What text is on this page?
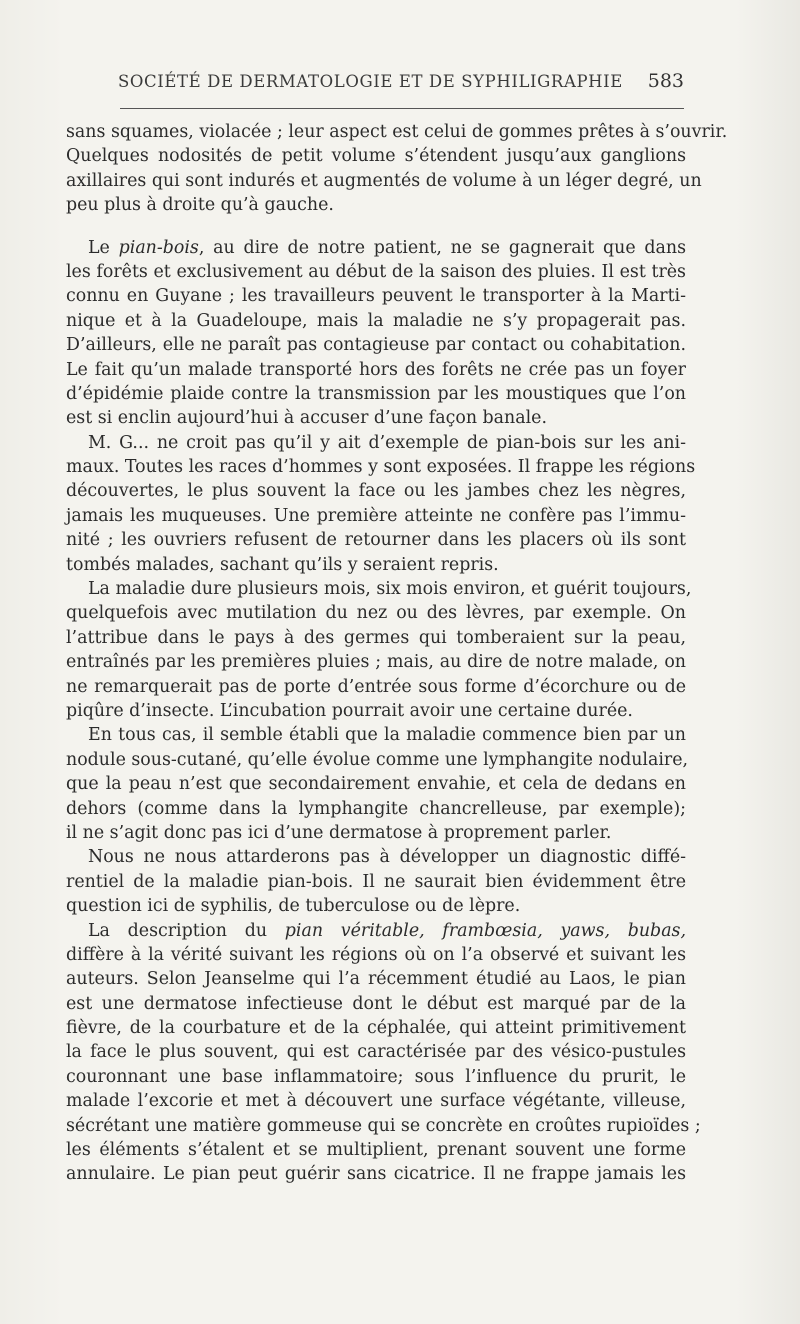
SOCIÉTÉ DE DERMATOLOGIE ET DE SYPHILIGRAPHIE 583
sans squames, violacée ; leur aspect est celui de gommes prêtes à s’ouvrir.
Quelques nodosités de petit volume s’étendent jusqu’aux ganglions
axillaires qui sont indurés et augmentés de volume à un léger degré, un
peu plus à droite qu’à gauche.
Le pian-bois, au dire de notre patient, ne se gagnerait que dans
les forêts et exclusivement au début de la saison des pluies. Il est très
connu en Guyane ; les travailleurs peuvent le transporter à la Marti-
nique et à la Guadeloupe, mais la maladie ne s’y propagerait pas.
D’ailleurs, elle ne paraît pas contagieuse par contact ou cohabitation.
Le fait qu’un malade transporté hors des forêts ne crée pas un foyer
d’épidémie plaide contre la transmission par les moustiques que l’on
est si enclin aujourd’hui à accuser d’une façon banale.
M. G... ne croit pas qu’il y ait d’exemple de pian-bois sur les ani-
maux. Toutes les races d’hommes y sont exposées. Il frappe les régions
découvertes, le plus souvent la face ou les jambes chez les nègres,
jamais les muqueuses. Une première atteinte ne confère pas l’immu-
nité ; les ouvriers refusent de retourner dans les placers où ils sont
tombés malades, sachant qu’ils y seraient repris.
La maladie dure plusieurs mois, six mois environ, et guérit toujours,
quelquefois avec mutilation du nez ou des lèvres, par exemple. On
l’attribue dans le pays à des germes qui tomberaient sur la peau,
entraînés par les premières pluies ; mais, au dire de notre malade, on
ne remarquerait pas de porte d’entrée sous forme d’écorchure ou de
piqûre d’insecte. L’incubation pourrait avoir une certaine durée.
En tous cas, il semble établi que la maladie commence bien par un
nodule sous-cutané, qu’elle évolue comme une lymphangite nodulaire,
que la peau n’est que secondairement envahie, et cela de dedans en
dehors (comme dans la lymphangite chancrelleuse, par exemple);
il ne s’agit donc pas ici d’une dermatose à proprement parler.
Nous ne nous attarderons pas à développer un diagnostic diffé-
rentiel de la maladie pian-bois. Il ne saurait bien évidemment être
question ici de syphilis, de tuberculose ou de lèpre.
La description du pian véritable, frambœsia, yaws, bubas,
diffère à la vérité suivant les régions où on l’a observé et suivant les
auteurs. Selon Jeanselme qui l’a récemment étudié au Laos, le pian
est une dermatose infectieuse dont le début est marqué par de la
fièvre, de la courbature et de la céphalée, qui atteint primitivement
la face le plus souvent, qui est caractérisée par des vésico-pustules
couronnant une base inflammatoire; sous l’influence du prurit, le
malade l’excorie et met à découvert une surface végétante, villeuse,
sécrétant une matière gommeuse qui se concrète en croûtes rupioïdes ;
les éléments s’étalent et se multiplient, prenant souvent une forme
annulaire. Le pian peut guérir sans cicatrice. Il ne frappe jamais les
